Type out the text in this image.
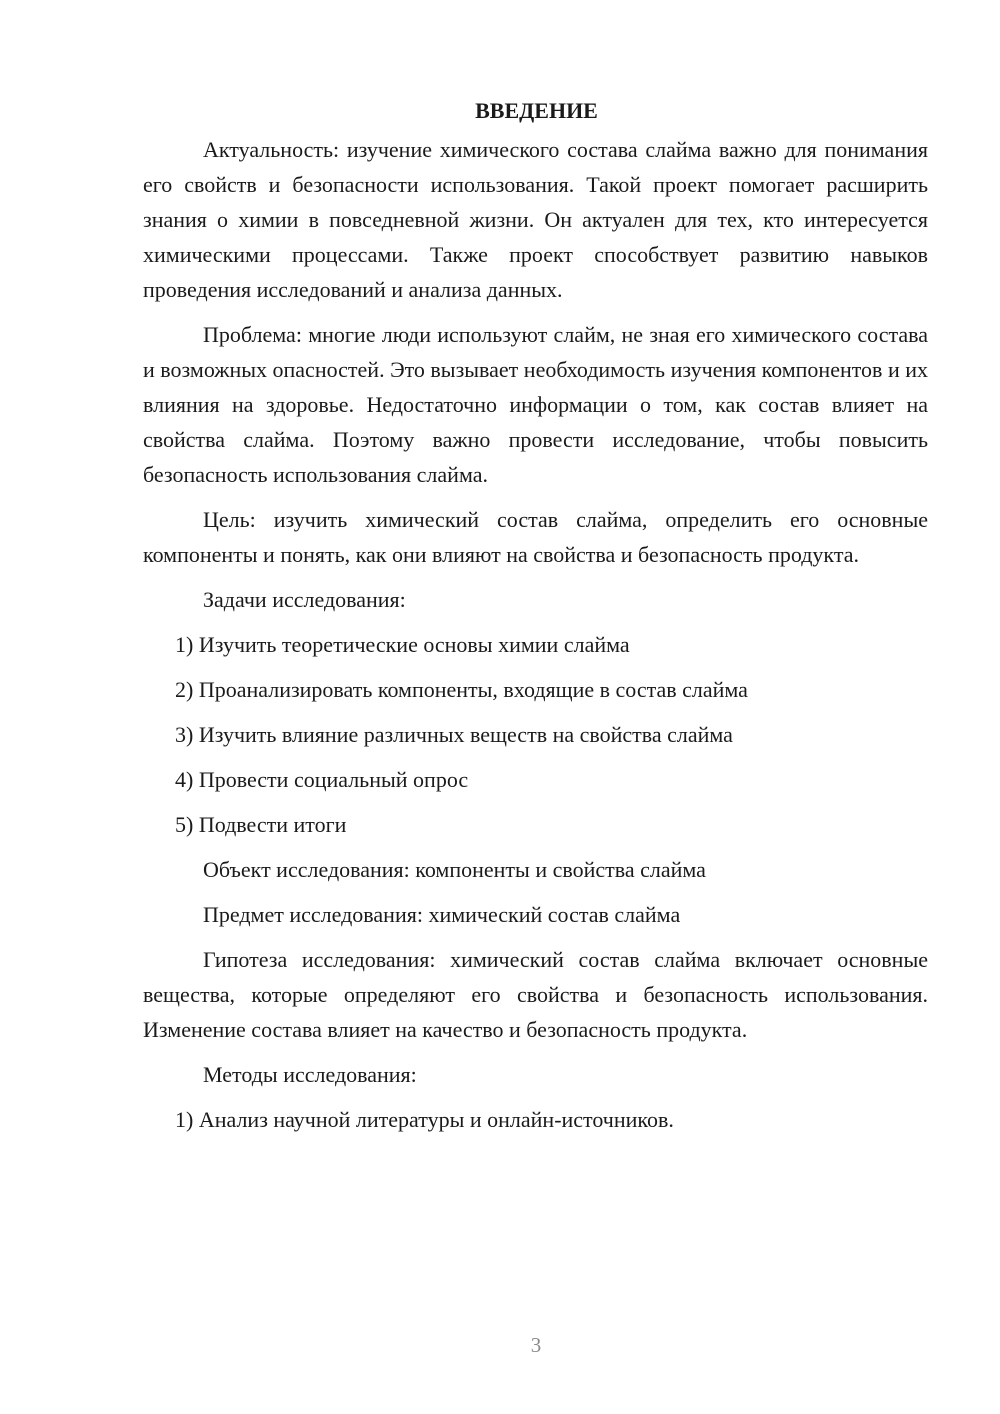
ВВЕДЕНИЕ

Актуальность: изучение химического состава слайма важно для понимания его свойств и безопасности использования. Такой проект помогает расширить знания о химии в повседневной жизни. Он актуален для тех, кто интересуется химическими процессами. Также проект способствует развитию навыков проведения исследований и анализа данных.

Проблема: многие люди используют слайм, не зная его химического состава и возможных опасностей. Это вызывает необходимость изучения компонентов и их влияния на здоровье. Недостаточно информации о том, как состав влияет на свойства слайма. Поэтому важно провести исследование, чтобы повысить безопасность использования слайма.

Цель: изучить химический состав слайма, определить его основные компоненты и понять, как они влияют на свойства и безопасность продукта.

Задачи исследования:

1) Изучить теоретические основы химии слайма

2) Проанализировать компоненты, входящие в состав слайма

3) Изучить влияние различных веществ на свойства слайма

4) Провести социальный опрос

5) Подвести итоги

Объект исследования: компоненты и свойства слайма

Предмет исследования: химический состав слайма

Гипотеза исследования: химический состав слайма включает основные вещества, которые определяют его свойства и безопасность использования. Изменение состава влияет на качество и безопасность продукта.

Методы исследования:

1) Анализ научной литературы и онлайн-источников.

3
